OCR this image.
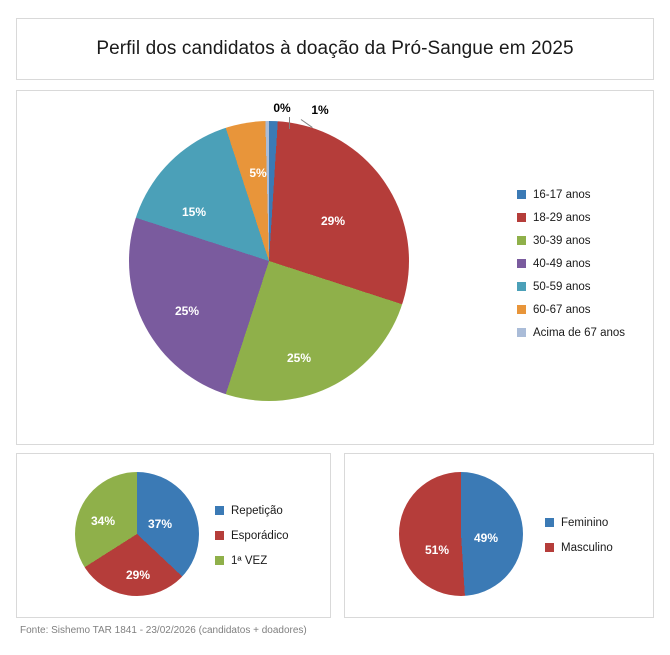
Perfil dos candidatos à doação da Pró-Sangue em 2025
29%
25%
25%
15%
5%
0% 1%
16-17 anos
18-29 anos
30-39 anos
40-49 anos
50-59 anos
60-67 anos
Acima de 67 anos
37%
29%
34%
Repetição
Esporádico
1ª VEZ
49%
51%
Feminino
Masculino
Fonte: Sishemo TAR 1841 - 23/02/2026 (candidatos + doadores)
